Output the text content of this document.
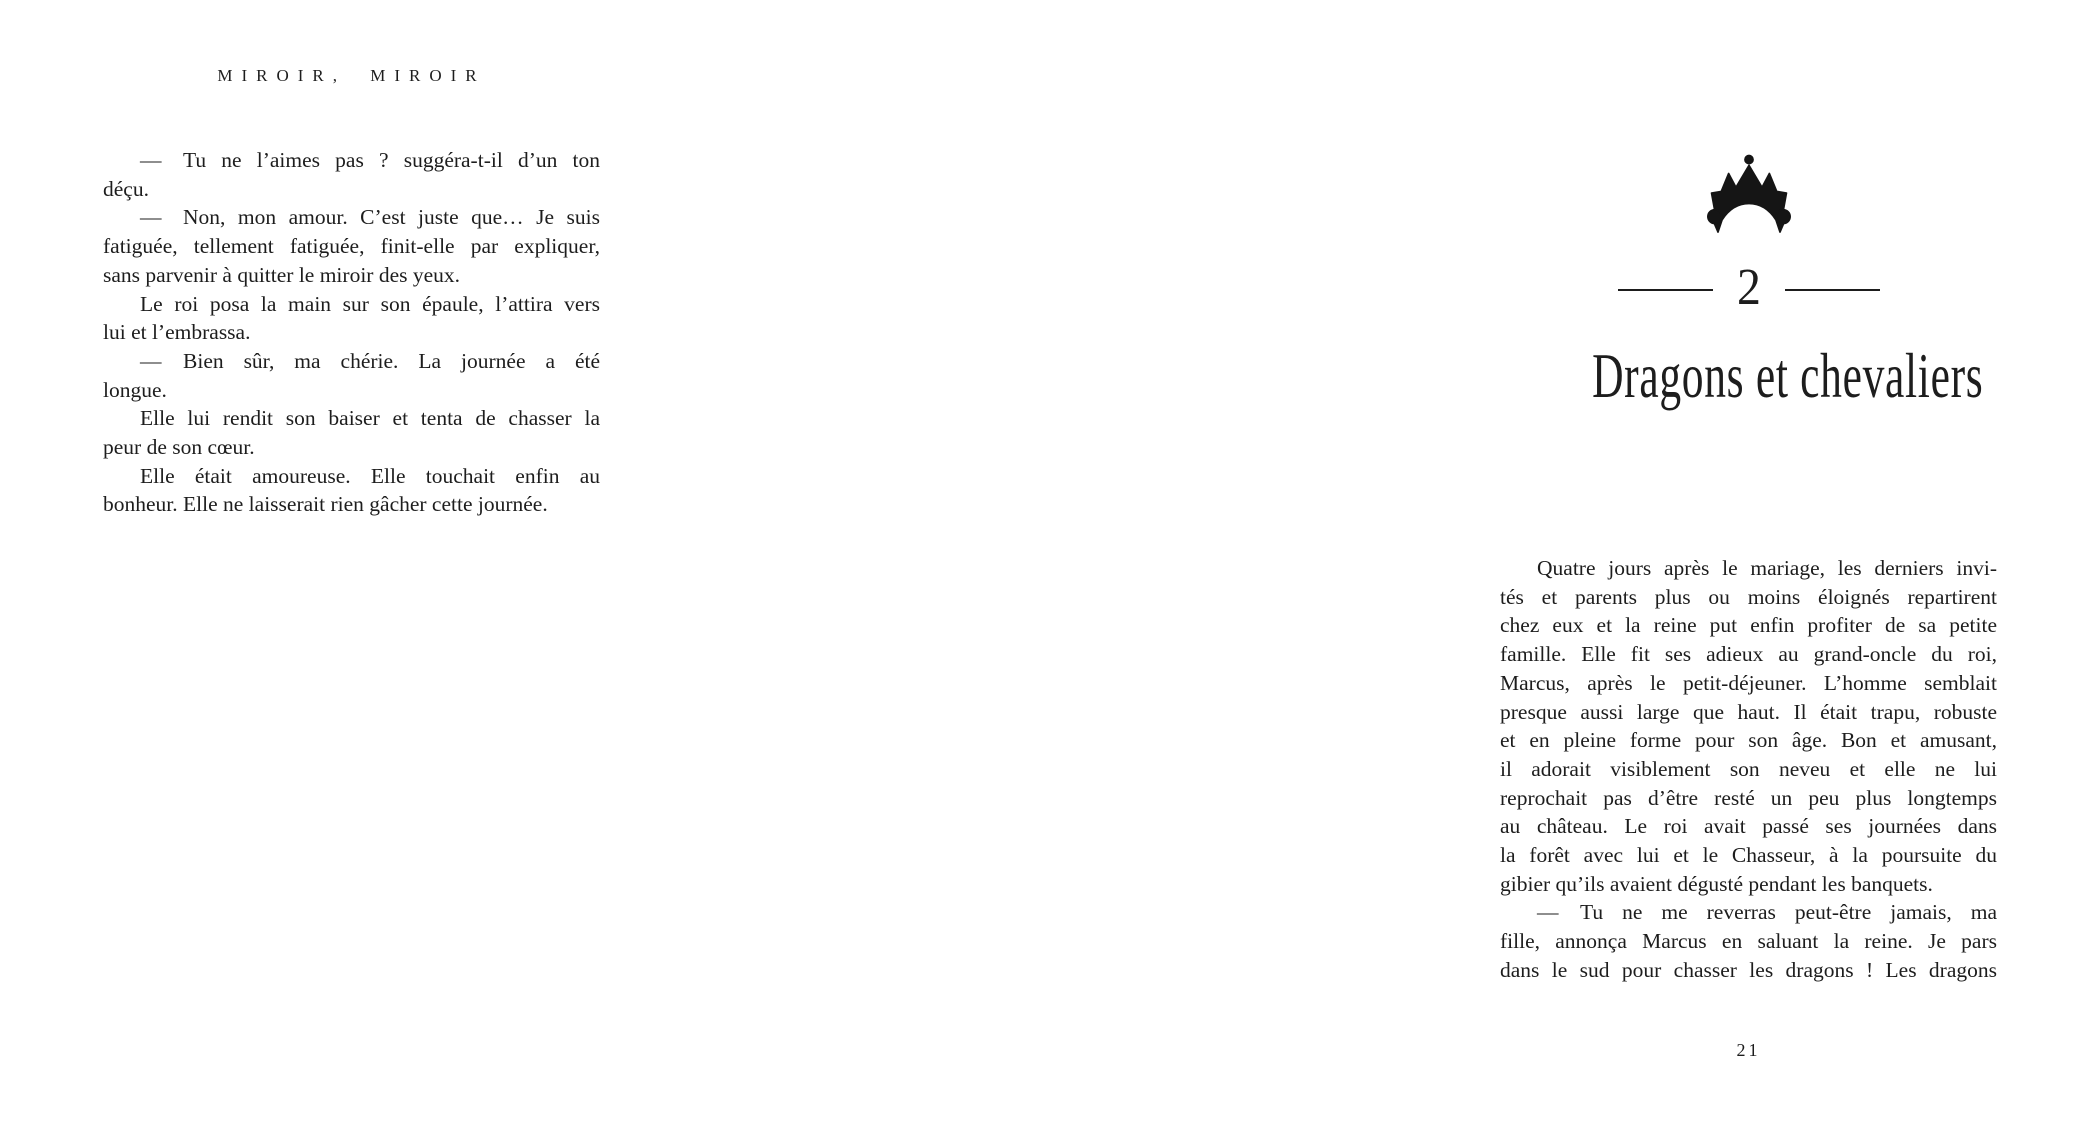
MIROIR, MIROIR
— Tu ne l’aimes pas ? suggéra-t-il d’un ton
déçu.
— Non, mon amour. C’est juste que… Je suis
fatiguée, tellement fatiguée, finit-elle par expliquer,
sans parvenir à quitter le miroir des yeux.
Le roi posa la main sur son épaule, l’attira vers
lui et l’embrassa.
— Bien sûr, ma chérie. La journée a été
longue.
Elle lui rendit son baiser et tenta de chasser la
peur de son cœur.
Elle était amoureuse. Elle touchait enfin au
bonheur. Elle ne laisserait rien gâcher cette journée.
2
Dragons et chevaliers
Quatre jours après le mariage, les derniers invi-
tés et parents plus ou moins éloignés repartirent
chez eux et la reine put enfin profiter de sa petite
famille. Elle fit ses adieux au grand-oncle du roi,
Marcus, après le petit-déjeuner. L’homme semblait
presque aussi large que haut. Il était trapu, robuste
et en pleine forme pour son âge. Bon et amusant,
il adorait visiblement son neveu et elle ne lui
reprochait pas d’être resté un peu plus longtemps
au château. Le roi avait passé ses journées dans
la forêt avec lui et le Chasseur, à la poursuite du
gibier qu’ils avaient dégusté pendant les banquets.
— Tu ne me reverras peut-être jamais, ma
fille, annonça Marcus en saluant la reine. Je pars
dans le sud pour chasser les dragons ! Les dragons
21
